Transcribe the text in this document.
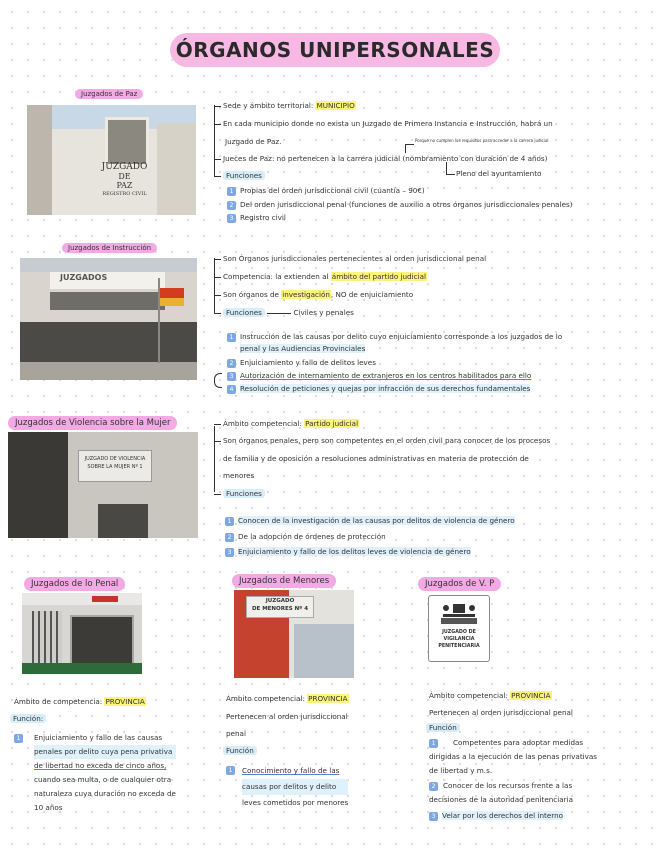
ÓRGANOS UNIPERSONALES
Juzgados de Paz
JUZGADO
DE
PAZ
REGISTRO CIVIL
Sede y ámbito territorial: MUNICIPIO
En cada municipio donde no exista un Juzgado de Primera Instancia e Instrucción, habrá un
Juzgado de Paz.	Porque no cumplen los requisitos para acceder a la carrera judicial
Jueces de Paz: no pertenecen a la carrera judicial (nombramiento con duración de 4 años)
Pleno del ayuntamiento
Funciones
1 Propias del orden jurisdiccional civil (cuantía – 90€)
2 Del orden jurisdiccional penal (funciones de auxilio a otros órganos jurisdiccionales penales)
3 Registro civil
Juzgados de Instrucción
JUZGADOS
Son Órganos jurisdiccionales pertenecientes al orden jurisdiccional penal
Competencia: la extienden al ámbito del partido judicial
Son órganos de investigación, NO de enjuiciamiento
Funciones	Civiles y penales
1 Instrucción de las causas por delito cuyo enjuiciamiento corresponde a los juzgados de lo
penal y las Audiencias Provinciales
2 Enjuiciamiento y fallo de delitos leves
3 Autorización de internamiento de extranjeros en los centros habilitados para ello
4 Resolución de peticiones y quejas por infracción de sus derechos fundamentales
Juzgados de Violencia sobre la Mujer
JUZGADO DE VIOLENCIA
SOBRE LA MUJER Nº 1
Ámbito competencial: Partido judicial
Son órganos penales, pero son competentes en el orden civil para conocer de los procesos
de familia y de oposición a resoluciones administrativas en materia de protección de
menores
Funciones
1 Conocen de la investigación de las causas por delitos de violencia de género
2 De la adopción de órdenes de protección
3 Enjuiciamiento y fallo de los delitos leves de violencia de género
Juzgados de lo Penal	Juzgados de Menores	Juzgados de V. P
JUZGADO
DE MENORES Nº 4
JUZGADO DE
VIGILANCIA
PENITENCIARIA
Ámbito de competencia: PROVINCIA
Función:
1	Enjuiciamiento y fallo de las causas
penales por delito cuya pena privativa
de libertad no exceda de cinco años,
cuando sea multa, o de cualquier otra
naturaleza cuya duración no exceda de
10 años
Ámbito competencial: PROVINCIA
Pertenecen al orden jurisdiccional
penal
Función
1	Conocimiento y fallo de las
causas por delitos y delito
leves cometidos por menores
Ámbito competencial: PROVINCIA
Pertenecen al orden jurisdiccional penal
Función
1	Competentes para adoptar medidas
dirigidas a la ejecución de las penas privativas
de libertad y m.s.
2	Conocer de los recursos frente a las
decisiones de la autoridad penitenciaria
3 Velar por los derechos del interno
